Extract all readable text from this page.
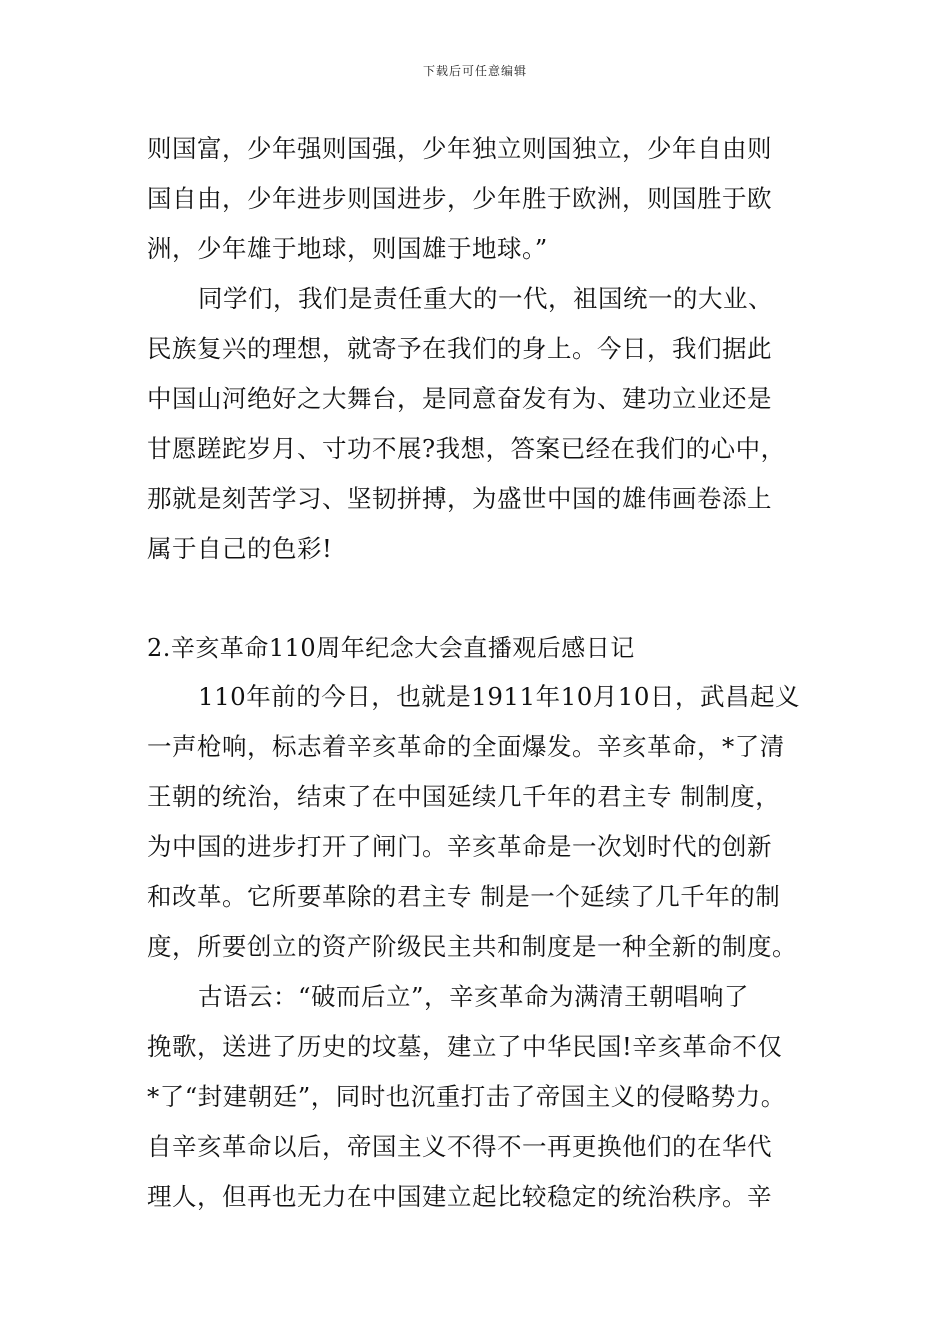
下载后可任意编辑
则国富，少年强则国强，少年独立则国独立，少年自由则
国自由，少年进步则国进步，少年胜于欧洲，则国胜于欧
洲，少年雄于地球，则国雄于地球。”
同学们，我们是责任重大的一代，祖国统一的大业、
民族复兴的理想，就寄予在我们的身上。今日，我们据此
中国山河绝好之大舞台，是同意奋发有为、建功立业还是
甘愿蹉跎岁月、寸功不展?我想，答案已经在我们的心中，
那就是刻苦学习、坚韧拼搏，为盛世中国的雄伟画卷添上
属于自己的色彩!
2.辛亥革命110周年纪念大会直播观后感日记
110年前的今日，也就是1911年10月10日，武昌起义
一声枪响，标志着辛亥革命的全面爆发。辛亥革命，*了清
王朝的统治，结束了在中国延续几千年的君主专 制制度，
为中国的进步打开了闸门。辛亥革命是一次划时代的创新
和改革。它所要革除的君主专 制是一个延续了几千年的制
度，所要创立的资产阶级民主共和制度是一种全新的制度。
古语云：“破而后立”，辛亥革命为满清王朝唱响了
挽歌，送进了历史的坟墓，建立了中华民国!辛亥革命不仅
*了“封建朝廷”，同时也沉重打击了帝国主义的侵略势力。
自辛亥革命以后，帝国主义不得不一再更换他们的在华代
理人，但再也无力在中国建立起比较稳定的统治秩序。辛
